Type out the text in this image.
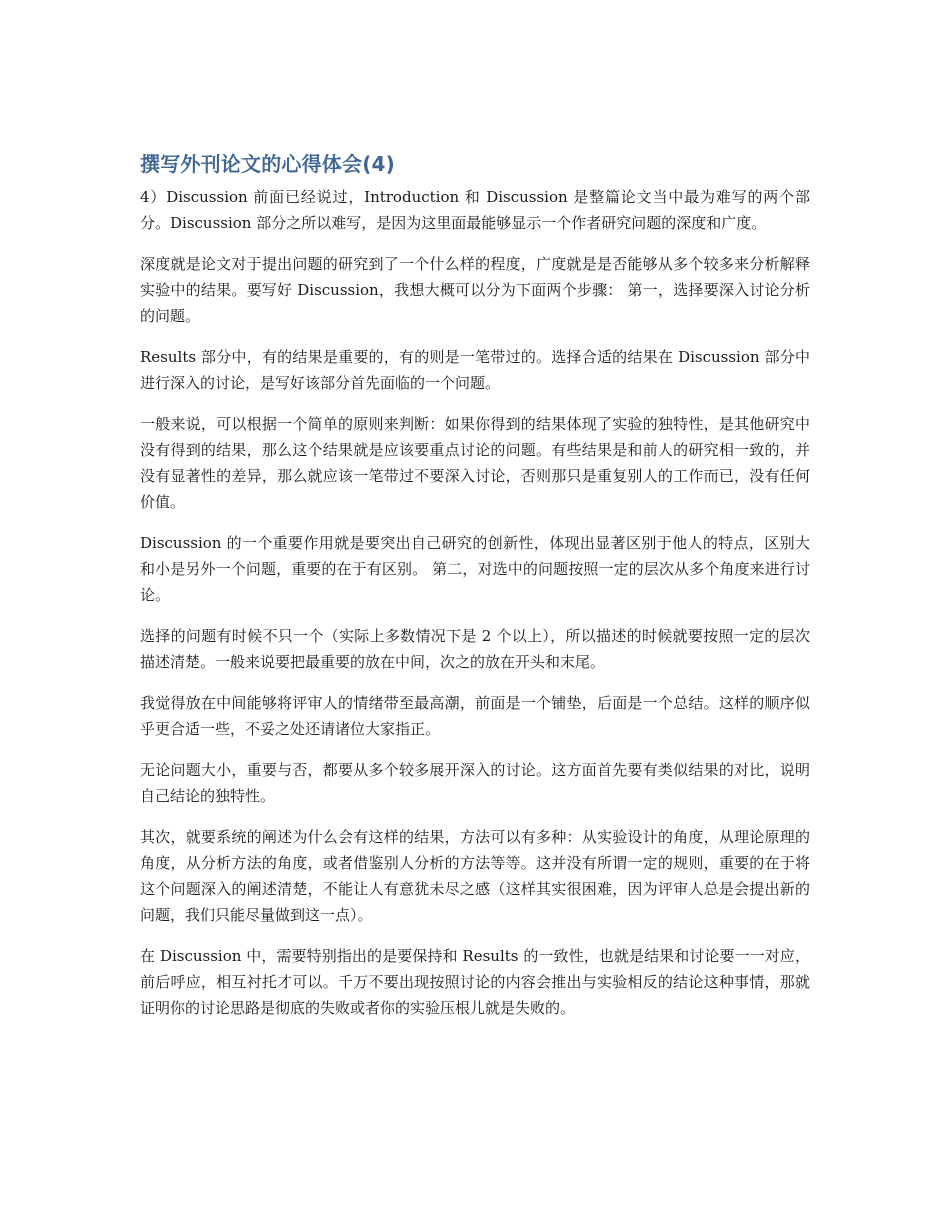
撰写外刊论文的心得体会(4)

4）Discussion 前面已经说过，Introduction 和 Discussion 是整篇论文当中最为难写的两个部分。Discussion 部分之所以难写，是因为这里面最能够显示一个作者研究问题的深度和广度。

深度就是论文对于提出问题的研究到了一个什么样的程度，广度就是是否能够从多个较多来分析解释实验中的结果。要写好 Discussion，我想大概可以分为下面两个步骤： 第一，选择要深入讨论分析的问题。

Results 部分中，有的结果是重要的，有的则是一笔带过的。选择合适的结果在 Discussion 部分中进行深入的讨论，是写好该部分首先面临的一个问题。

一般来说，可以根据一个简单的原则来判断：如果你得到的结果体现了实验的独特性，是其他研究中没有得到的结果，那么这个结果就是应该要重点讨论的问题。有些结果是和前人的研究相一致的，并没有显著性的差异，那么就应该一笔带过不要深入讨论，否则那只是重复别人的工作而已，没有任何价值。

Discussion 的一个重要作用就是要突出自己研究的创新性，体现出显著区别于他人的特点，区别大和小是另外一个问题，重要的在于有区别。 第二，对选中的问题按照一定的层次从多个角度来进行讨论。

选择的问题有时候不只一个（实际上多数情况下是 2 个以上），所以描述的时候就要按照一定的层次描述清楚。一般来说要把最重要的放在中间，次之的放在开头和末尾。

我觉得放在中间能够将评审人的情绪带至最高潮，前面是一个铺垫，后面是一个总结。这样的顺序似乎更合适一些，不妥之处还请诸位大家指正。

无论问题大小，重要与否，都要从多个较多展开深入的讨论。这方面首先要有类似结果的对比，说明自己结论的独特性。

其次，就要系统的阐述为什么会有这样的结果，方法可以有多种：从实验设计的角度，从理论原理的角度，从分析方法的角度，或者借鉴别人分析的方法等等。这并没有所谓一定的规则，重要的在于将这个问题深入的阐述清楚，不能让人有意犹未尽之感（这样其实很困难，因为评审人总是会提出新的问题，我们只能尽量做到这一点）。

在 Discussion 中，需要特别指出的是要保持和 Results 的一致性，也就是结果和讨论要一一对应，前后呼应，相互衬托才可以。千万不要出现按照讨论的内容会推出与实验相反的结论这种事情，那就证明你的讨论思路是彻底的失败或者你的实验压根儿就是失败的。
